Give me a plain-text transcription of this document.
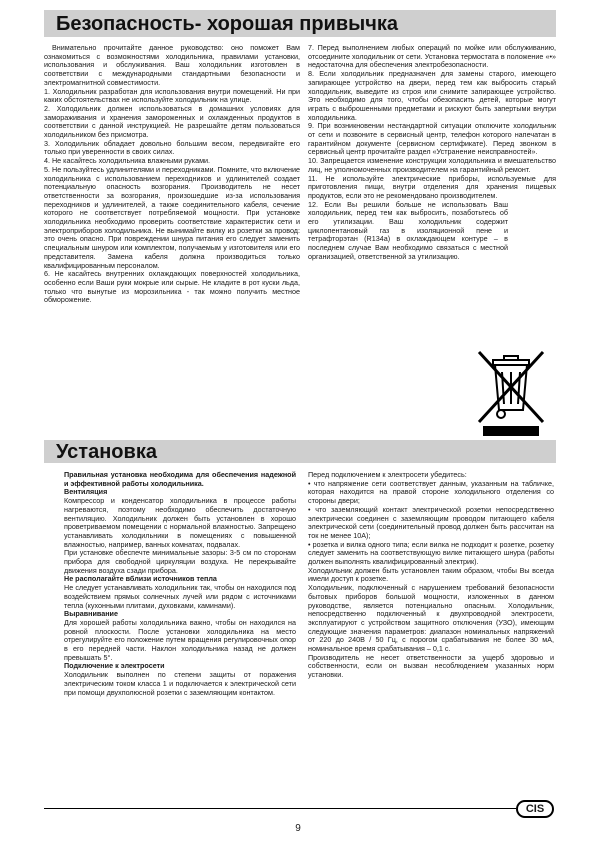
Безопасность- хорошая привычка

Внимательно прочитайте данное руководство: оно поможет Вам ознакомиться с возможностями холодильника, правилами установки, использования и обслуживания. Ваш холодильник изготовлен в соответствии с международными стандартными безопасности и электромагнитной совместимости.

1. Холодильник разработан для использования внутри помещений. Ни при каких обстоятельствах не используйте холодильник на улице.

2. Холодильник должен использоваться в домашних условиях для замораживания и хранения замороженных и охлажденных продуктов в соответствии с данной инструкцией. Не разрешайте детям пользоваться холодильником без присмотра.

3. Холодильник обладает довольно большим весом, передвигайте его только при уверенности в своих силах.

4. Не касайтесь холодильника влажными руками.

5. Не пользуйтесь удлинителями и переходниками. Помните, что включение холодильника с использованием переходников и удлинителей создает потенциальную опасность возгорания. Производитель не несет ответственности за возгорания, произошедшие из-за использования переходников и удлинителей, а также соединительного кабеля, сечение которого не соответствует потребляемой мощности. При установке холодильника необходимо проверить соответствие характеристик сети и электроприборов холодильника. Не вынимайте вилку из розетки за провод: это очень опасно. При повреждении шнура питания его следует заменить специальным шнуром или комплектом, получаемым у изготовителя или его представителя. Замена кабеля должна производиться только квалифицированным персоналом.

6. Не касайтесь внутренних охлаждающих поверхностей холодильника, особенно если Ваши руки мокрые или сырые. Не кладите в рот куски льда, только что вынутые из морозильника - так можно получить местное обморожение.

7. Перед выполнением любых операций по мойке или обслуживанию, отсоедините холодильник от сети. Установка термостата в положение «•» недостаточна для обеспечения электробезопасности.

8. Если холодильник предназначен для замены старого, имеющего запирающее устройство на двери, перед тем как выбросить старый холодильник, выведите из строя или снимите запирающее устройство. Это необходимо для того, чтобы обезопасить детей, которые могут играть с выброшенными предметами и рискуют быть запертыми внутри холодильника.

9. При возникновении нестандартной ситуации отключите холодильник от сети и позвоните в сервисный центр, телефон которого напечатан в гарантийном документе (сервисном сертификате). Перед звонком в сервисный центр прочитайте раздел «Устранение неисправностей».

10. Запрещается изменение конструкции холодильника и вмешательство лиц, не уполномоченных производителем на гарантийный ремонт.

11. Не используйте электрические приборы, используемые для приготовления пищи, внутри отделения для хранения пищевых продуктов, если это не рекомендовано производителем.

12. Если Вы решили больше не использовать Ваш холодильник, перед тем как выбросить, позаботьтесь об его утилизации. Ваш холодильник содержит циклопентановый газ в изоляционной пене и тетрафторэтан (R134a) в охлаждающем контуре – в последнем случае Вам необходимо связаться с местной организацией, ответственной за утилизацию.

Установка

Правильная установка необходима для обеспечения надежной и эффективной работы холодильника.

Вентиляция

Компрессор и конденсатор холодильника в процессе работы нагреваются, поэтому необходимо обеспечить достаточную вентиляцию. Холодильник должен быть установлен в хорошо проветриваемом помещении с нормальной влажностью. Запрещено устанавливать холодильники в помещениях с повышенной влажностью, например, ванных комнатах, подвалах.

При установке обеспечте минимальные зазоры: 3-5 см по сторонам прибора для свободной циркуляции воздуха. Не перекрывайте движения воздуха сзади прибора.

Не располагайте вблизи источников тепла

Не следует устанавливать холодильник так, чтобы он находился под воздействием прямых солнечных лучей или рядом с источниками тепла (кухонными плитами, духовками, каминами).

Выравнивание

Для хорошей работы холодильника важно, чтобы он находился на ровной плоскости. После установки холодильника на место отрегулируйте его положение путем вращения регулировочных опор в его передней части. Наклон холодильника назад не должен превышать 5°.

Подключение к электросети

Холодильник выполнен по степени защиты от поражения электрическим током класса 1 и подключается к электрической сети при помощи двухполюсной розетки с заземляющим контактом.

Перед подключением к электросети убедитесь:

• что напряжение сети соответствует данным, указанным на табличке, которая находится на правой стороне холодильного отделения со стороны двери;

• что заземляющий контакт электрической розетки непосредственно электрически соединен с заземляющим проводом питающего кабеля электрической сети (соединительный провод должен быть рассчитан на ток не менее 10А);

• розетка и вилка одного типа; если вилка не подходит к розетке, розетку следует заменить на соответствующую вилке питающего шнура (работы должен выполнять квалифицированный электрик).

Холодильник должен быть установлен таким образом, чтобы Вы всегда имели доступ к розетке.

Холодильник, подключенный с нарушением требований безопасности бытовых приборов большой мощности, изложенных в данном руководстве, является потенциально опасным. Холодильник, непосредственно подключенный к двухпроводной электросети, эксплуатируют с устройством защитного отключения (УЗО), имеющим следующие значения параметров: диапазон номинальных напряжений от 220 до 240В / 50 Гц, с порогом срабатывания не более 30 мА, номинальное время срабатывания – 0,1 с.

Производитель не несет ответственности за ущерб здоровью и собственности, если он вызван несоблюдением указанных норм установки.

CIS
9
